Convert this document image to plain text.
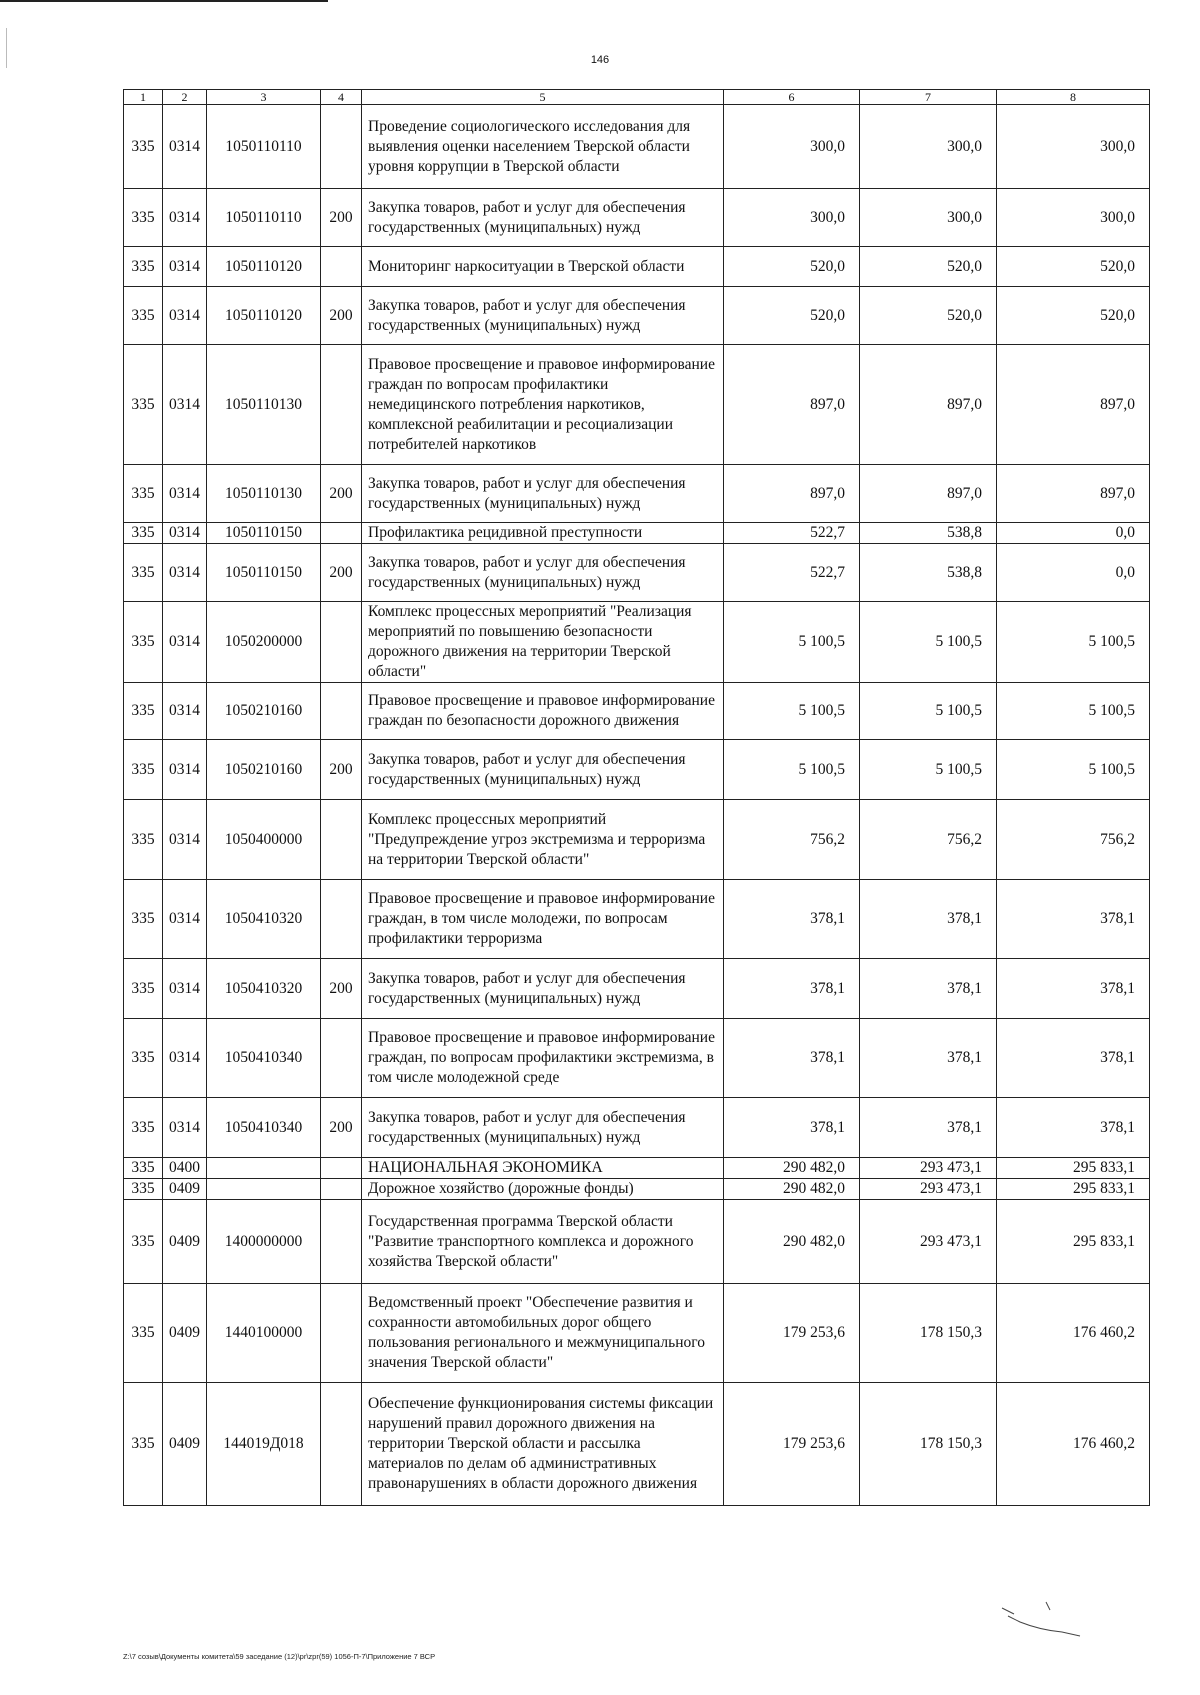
146
1	2	3	4	5	6	7	8
335	0314	1050110110		Проведение социологического исследования для выявления оценки населением Тверской области уровня коррупции в Тверской области	300,0	300,0	300,0
335	0314	1050110110	200	Закупка товаров, работ и услуг для обеспечения государственных (муниципальных) нужд	300,0	300,0	300,0
335	0314	1050110120		Мониторинг наркоситуации в Тверской области	520,0	520,0	520,0
335	0314	1050110120	200	Закупка товаров, работ и услуг для обеспечения государственных (муниципальных) нужд	520,0	520,0	520,0
335	0314	1050110130		Правовое просвещение и правовое информирование граждан по вопросам профилактики немедицинского потребления наркотиков, комплексной реабилитации и ресоциализации потребителей наркотиков	897,0	897,0	897,0
335	0314	1050110130	200	Закупка товаров, работ и услуг для обеспечения государственных (муниципальных) нужд	897,0	897,0	897,0
335	0314	1050110150		Профилактика рецидивной преступности	522,7	538,8	0,0
335	0314	1050110150	200	Закупка товаров, работ и услуг для обеспечения государственных (муниципальных) нужд	522,7	538,8	0,0
335	0314	1050200000		Комплекс процессных мероприятий "Реализация мероприятий по повышению безопасности дорожного движения на территории Тверской области"	5 100,5	5 100,5	5 100,5
335	0314	1050210160		Правовое просвещение и правовое информирование граждан по безопасности дорожного движения	5 100,5	5 100,5	5 100,5
335	0314	1050210160	200	Закупка товаров, работ и услуг для обеспечения государственных (муниципальных) нужд	5 100,5	5 100,5	5 100,5
335	0314	1050400000		Комплекс процессных мероприятий "Предупреждение угроз экстремизма и терроризма на территории Тверской области"	756,2	756,2	756,2
335	0314	1050410320		Правовое просвещение и правовое информирование граждан, в том числе молодежи, по вопросам профилактики терроризма	378,1	378,1	378,1
335	0314	1050410320	200	Закупка товаров, работ и услуг для обеспечения государственных (муниципальных) нужд	378,1	378,1	378,1
335	0314	1050410340		Правовое просвещение и правовое информирование граждан, по вопросам профилактики экстремизма, в том числе молодежной среде	378,1	378,1	378,1
335	0314	1050410340	200	Закупка товаров, работ и услуг для обеспечения государственных (муниципальных) нужд	378,1	378,1	378,1
335	0400			НАЦИОНАЛЬНАЯ ЭКОНОМИКА	290 482,0	293 473,1	295 833,1
335	0409			Дорожное хозяйство (дорожные фонды)	290 482,0	293 473,1	295 833,1
335	0409	1400000000		Государственная программа Тверской области "Развитие транспортного комплекса и дорожного хозяйства Тверской области"	290 482,0	293 473,1	295 833,1
335	0409	1440100000		Ведомственный проект "Обеспечение развития и сохранности автомобильных дорог общего пользования регионального и межмуниципального значения Тверской области"	179 253,6	178 150,3	176 460,2
335	0409	144019Д018		Обеспечение функционирования системы фиксации нарушений правил дорожного движения на территории Тверской области и рассылка материалов по делам об административных правонарушениях в области дорожного движения	179 253,6	178 150,3	176 460,2
Z:\7 созыв\Документы комитета\59 заседание (12)\pr\zpr(59) 1056-П-7\Приложение 7 ВСР
